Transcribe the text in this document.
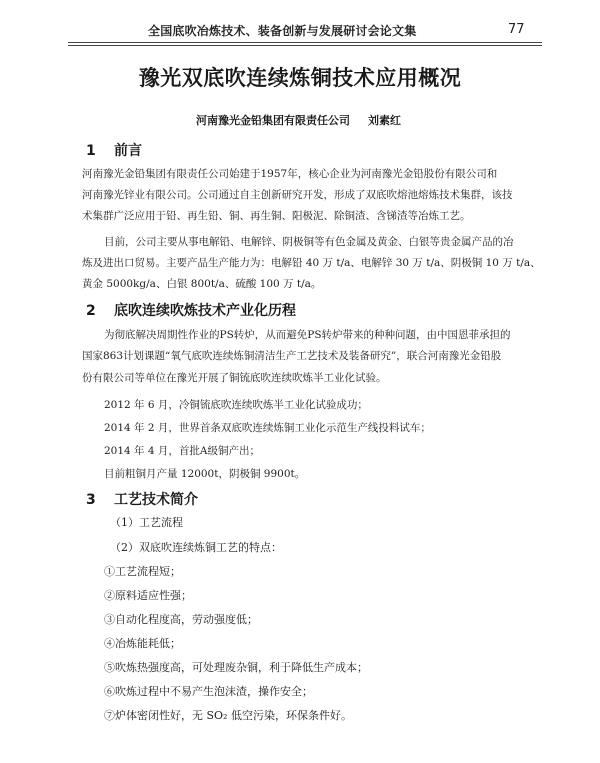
全国底吹冶炼技术、装备创新与发展研讨会论文集	77
豫光双底吹连续炼铜技术应用概况
河南豫光金铅集团有限责任公司 刘素红
1 前言
河南豫光金铅集团有限责任公司始建于1957年，核心企业为河南豫光金铅股份有限公司和
河南豫光锌业有限公司。公司通过自主创新研究开发，形成了双底吹熔池熔炼技术集群，该技
术集群广泛应用于铅、再生铅、铜、再生铜、阳极泥、除铜渣、含锑渣等冶炼工艺。
目前，公司主要从事电解铅、电解锌、阴极铜等有色金属及黄金、白银等贵金属产品的冶
炼及进出口贸易。主要产品生产能力为：电解铅 40 万 t/a、电解锌 30 万 t/a、阴极铜 10 万 t/a、
黄金 5000kg/a、白银 800t/a、硫酸 100 万 t/a。
2 底吹连续吹炼技术产业化历程
为彻底解决周期性作业的PS转炉，从而避免PS转炉带来的种种问题，由中国恩菲承担的
国家863计划课题“氧气底吹连续炼铜清洁生产工艺技术及装备研究”，联合河南豫光金铅股
份有限公司等单位在豫光开展了铜锍底吹连续吹炼半工业化试验。
2012 年 6 月，冷铜锍底吹连续吹炼半工业化试验成功；
2014 年 2 月，世界首条双底吹连续炼铜工业化示范生产线投料试车；
2014 年 4 月，首批A级铜产出；
目前粗铜月产量 12000t，阴极铜 9900t。
3 工艺技术简介
（1）工艺流程
（2）双底吹连续炼铜工艺的特点：
①工艺流程短；
②原料适应性强；
③自动化程度高，劳动强度低；
④冶炼能耗低；
⑤吹炼热强度高，可处理废杂铜，利于降低生产成本；
⑥吹炼过程中不易产生泡沫渣，操作安全；
⑦炉体密闭性好，无 SO₂ 低空污染，环保条件好。
